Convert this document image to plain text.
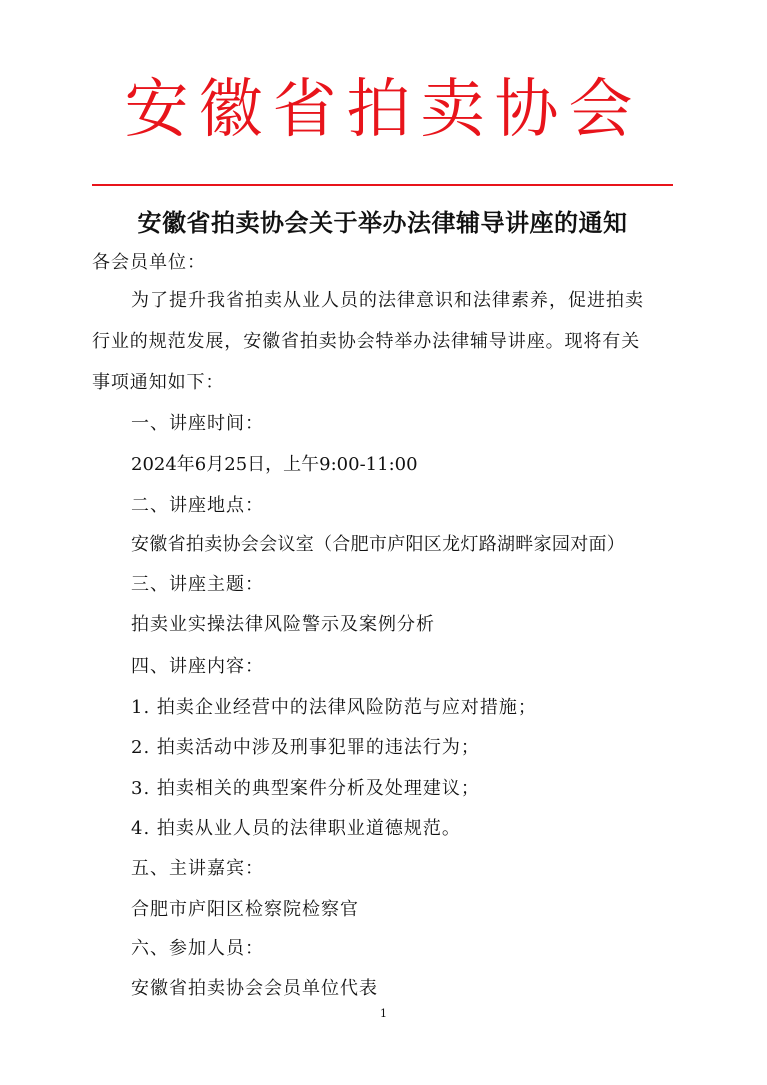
安徽省拍卖协会
安徽省拍卖协会关于举办法律辅导讲座的通知
各会员单位：
为了提升我省拍卖从业人员的法律意识和法律素养，促进拍卖
行业的规范发展，安徽省拍卖协会特举办法律辅导讲座。现将有关
事项通知如下：
一、讲座时间：
2024年6月25日，上午9:00-11:00
二、讲座地点：
安徽省拍卖协会会议室（合肥市庐阳区龙灯路湖畔家园对面）
三、讲座主题：
拍卖业实操法律风险警示及案例分析
四、讲座内容：
1. 拍卖企业经营中的法律风险防范与应对措施；
2. 拍卖活动中涉及刑事犯罪的违法行为；
3. 拍卖相关的典型案件分析及处理建议；
4. 拍卖从业人员的法律职业道德规范。
五、主讲嘉宾：
合肥市庐阳区检察院检察官
六、参加人员：
安徽省拍卖协会会员单位代表
1
